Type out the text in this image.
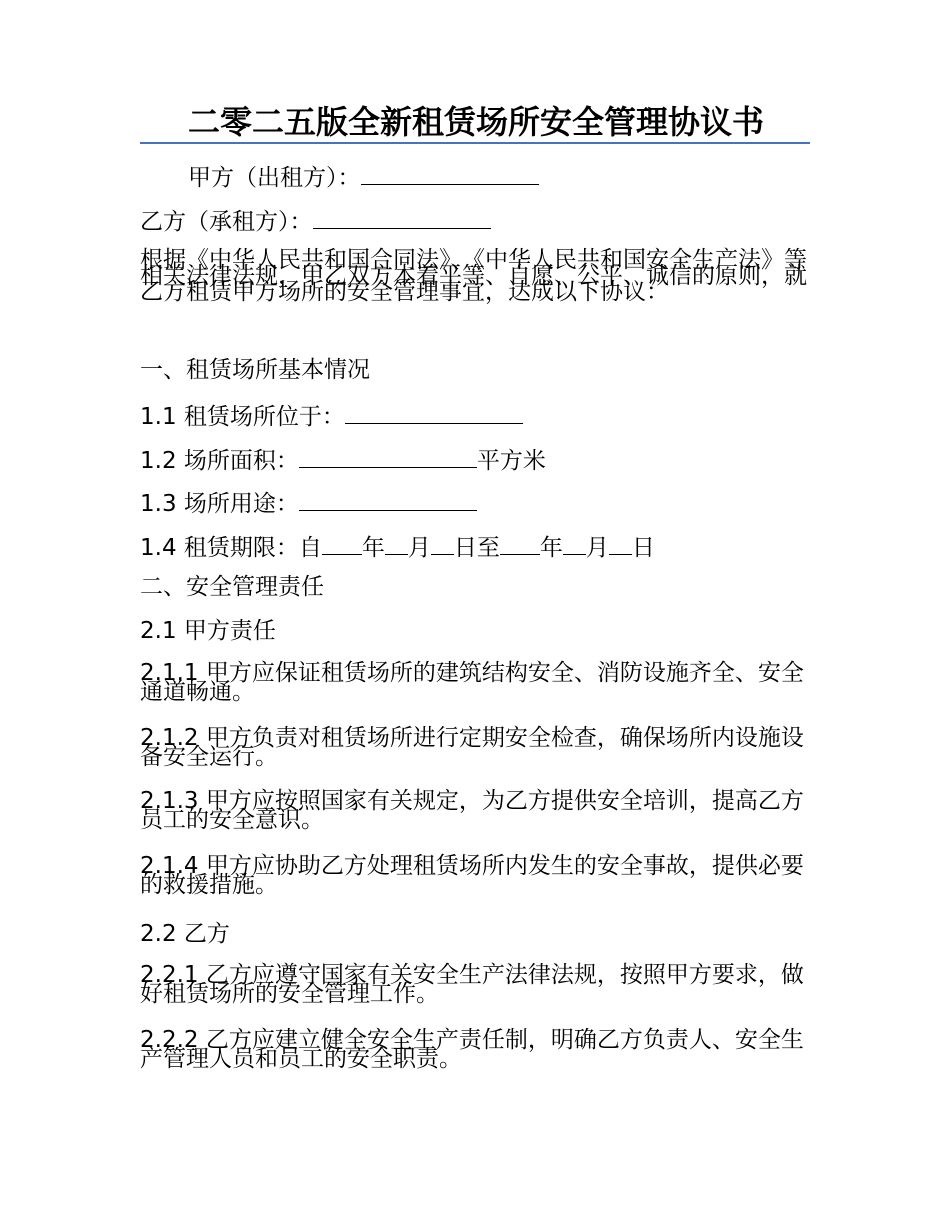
二零二五版全新租赁场所安全管理协议书
甲方（出租方）：
乙方（承租方）：
根据《中华人民共和国合同法》、《中华人民共和国安全生产法》等相关法律法规，甲乙双方本着平等、自愿、公平、诚信的原则，就乙方租赁甲方场所的安全管理事宜，达成以下协议：
一、租赁场所基本情况
1.1 租赁场所位于：
1.2 场所面积：	平方米
1.3 场所用途：
1.4 租赁期限：自 年 月 日至 年 月 日
二、安全管理责任
2.1 甲方责任
2.1.1 甲方应保证租赁场所的建筑结构安全、消防设施齐全、安全通道畅通。
2.1.2 甲方负责对租赁场所进行定期安全检查，确保场所内设施设备安全运行。
2.1.3 甲方应按照国家有关规定，为乙方提供安全培训，提高乙方员工的安全意识。
2.1.4 甲方应协助乙方处理租赁场所内发生的安全事故，提供必要的救援措施。
2.2 乙方
2.2.1 乙方应遵守国家有关安全生产法律法规，按照甲方要求，做好租赁场所的安全管理工作。
2.2.2 乙方应建立健全安全生产责任制，明确乙方负责人、安全生产管理人员和员工的安全职责。
